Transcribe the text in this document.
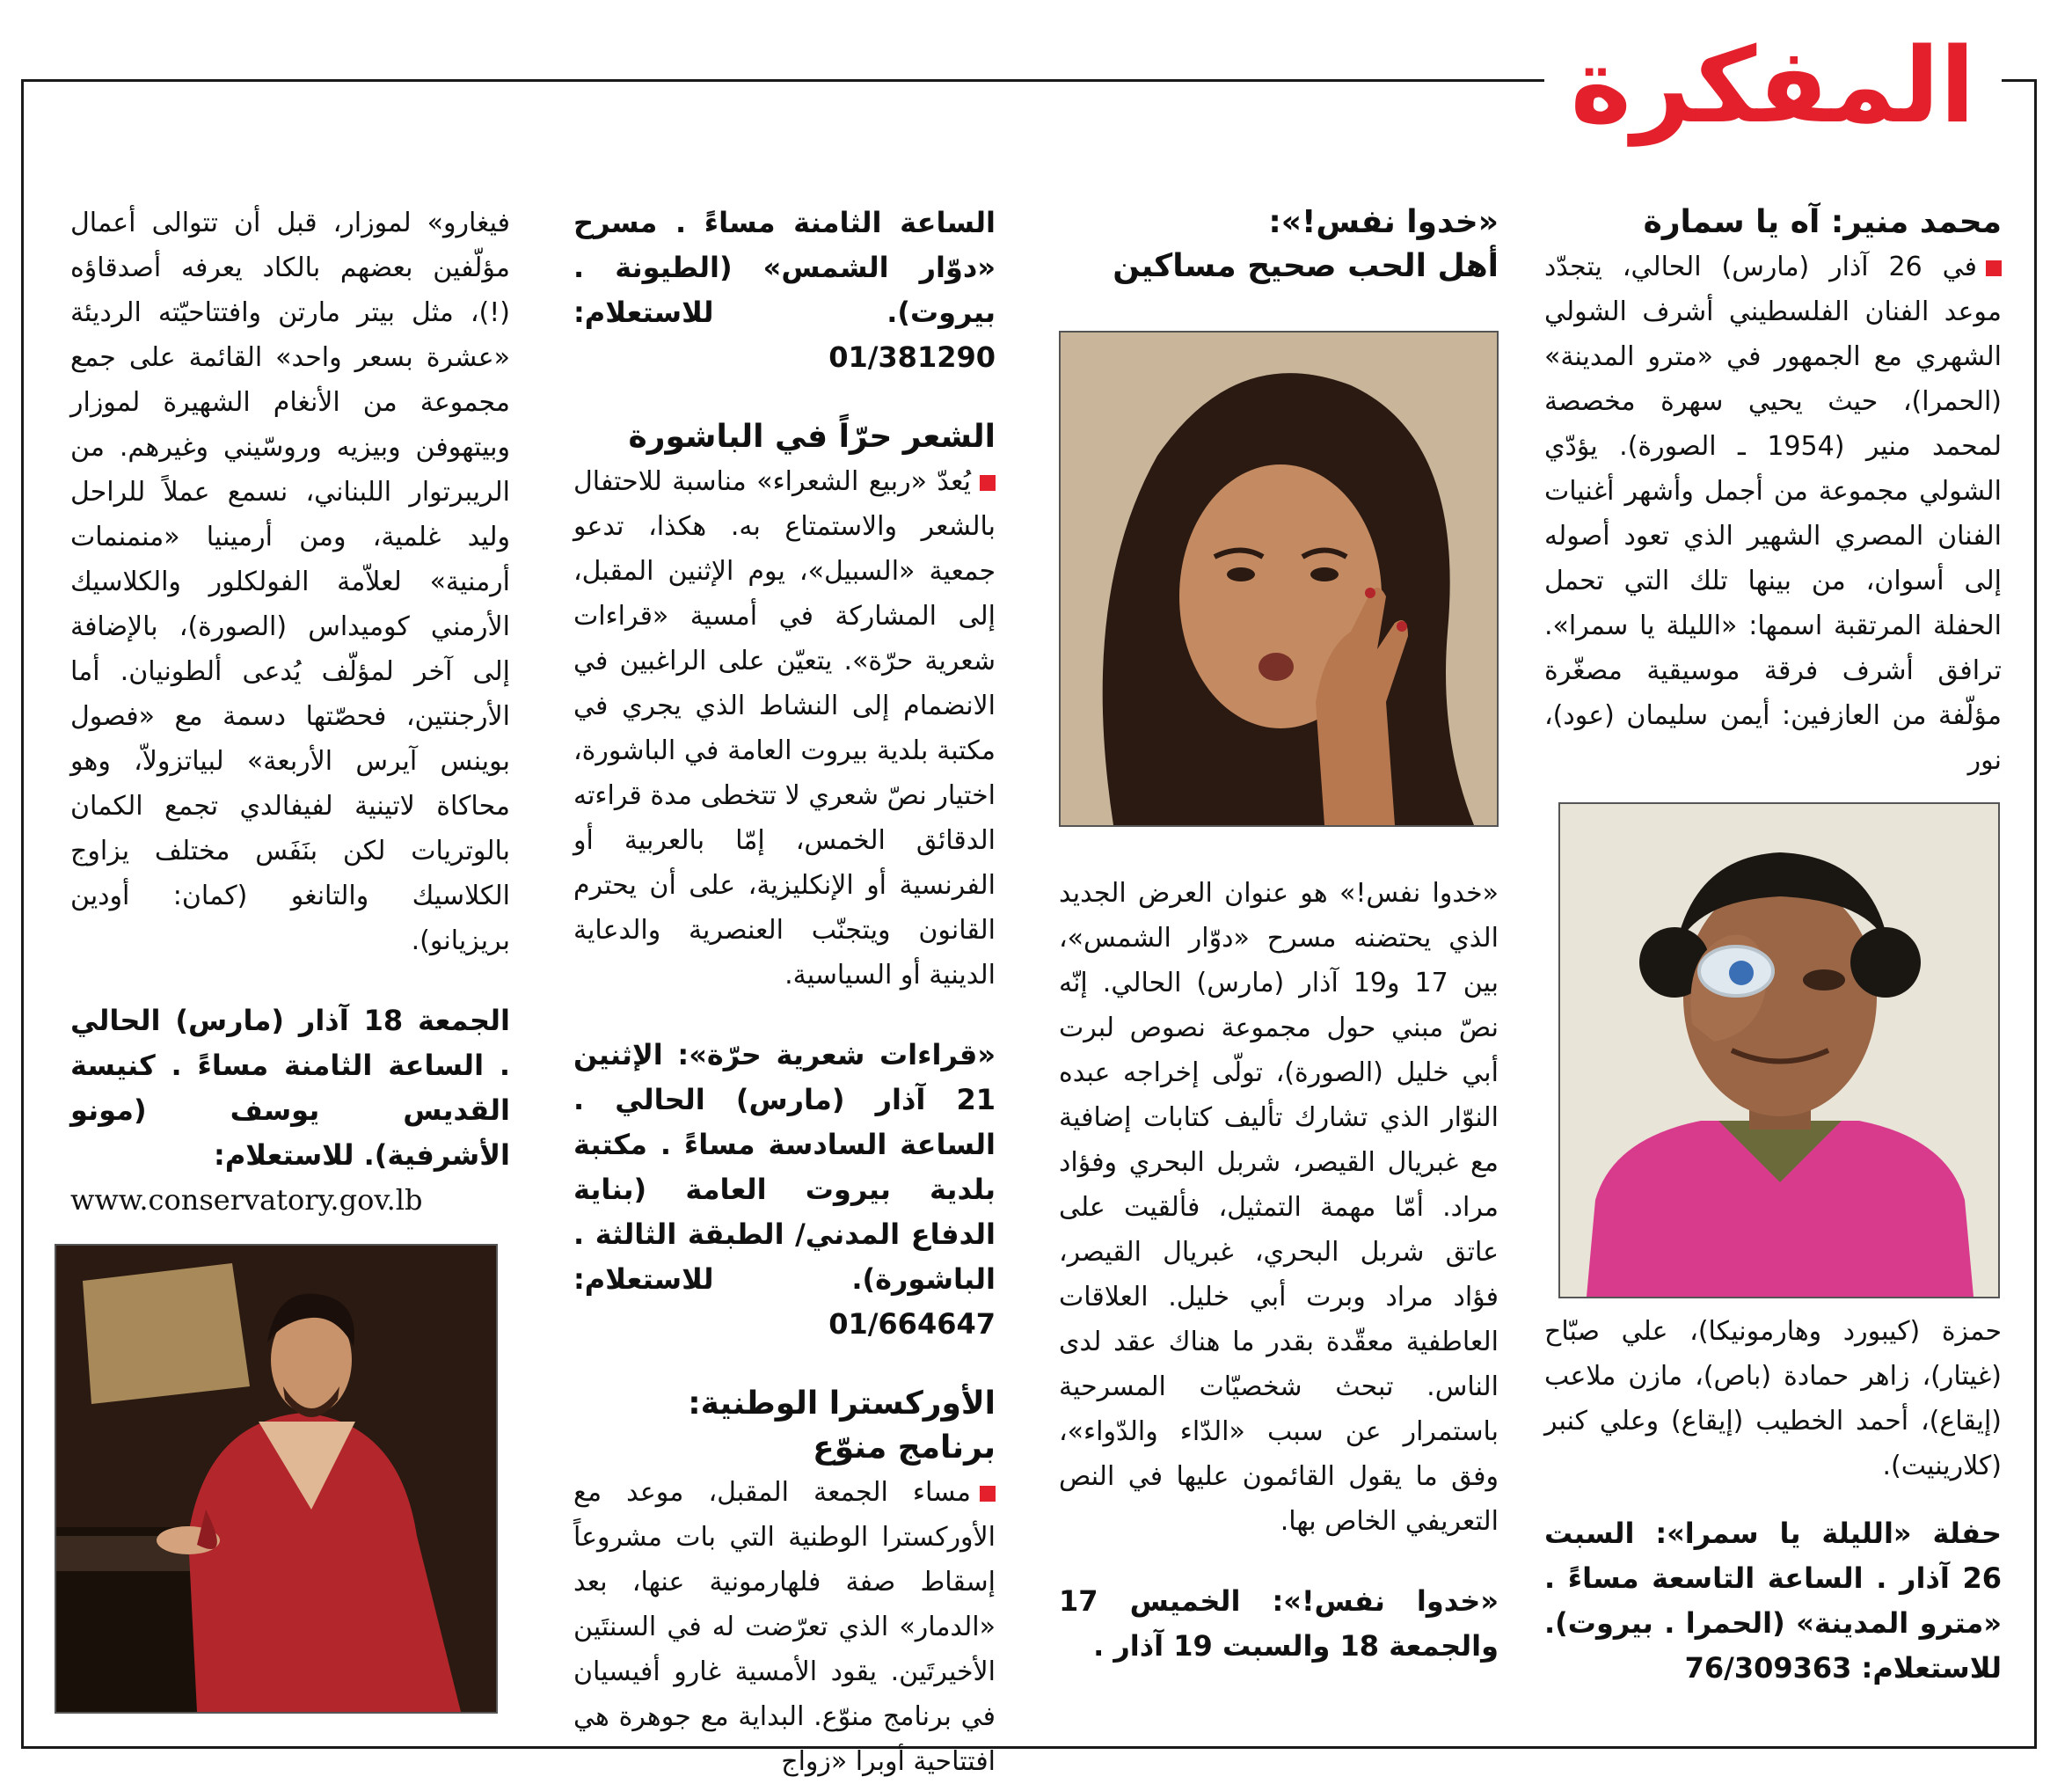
المفكرة

محمد منير: آه يا سمارة

في 26 آذار (مارس) الحالي، يتجدّد موعد الفنان الفلسطيني أشرف الشولي الشهري مع الجمهور في «مترو المدينة» (الحمرا)، حيث يحيي سهرة مخصصة لمحمد منير (1954 ـ الصورة). يؤدّي الشولي مجموعة من أجمل وأشهر أغنيات الفنان المصري الشهير الذي تعود أصوله إلى أسوان، من بينها تلك التي تحمل الحفلة المرتقبة اسمها: «الليلة يا سمرا». ترافق أشرف فرقة موسيقية مصغّرة مؤلّفة من العازفين: أيمن سليمان (عود)، نور

حمزة (كيبورد وهارمونيكا)، علي صبّاح (غيتار)، زاهر حمادة (باص)، مازن ملاعب (إيقاع)، أحمد الخطيب (إيقاع) وعلي كنبر (كلارينيت).

حفلة «الليلة يا سمرا»: السبت 26 آذار . الساعة التاسعة مساءً . «مترو المدينة» (الحمرا . بيروت). للاستعلام: 76/309363

«خدوا نفس!»:

أهل الحب صحيح مساكين

«خدوا نفس!» هو عنوان العرض الجديد الذي يحتضنه مسرح «دوّار الشمس»، بين 17 و19 آذار (مارس) الحالي. إنّه نصّ مبني حول مجموعة نصوص لبرت أبي خليل (الصورة)، تولّى إخراجه عبده النوّار الذي تشارك تأليف كتابات إضافية مع غبريال القيصر، شربل البحري وفؤاد مراد. أمّا مهمة التمثيل، فألقيت على عاتق شربل البحري، غبريال القيصر، فؤاد مراد وبرت أبي خليل. العلاقات العاطفية معقّدة بقدر ما هناك عقد لدى الناس. تبحث شخصيّات المسرحية باستمرار عن سبب «الدّاء والدّواء»، وفق ما يقول القائمون عليها في النص التعريفي الخاص بها.

«خدوا نفس!»: الخميس 17 والجمعة 18 والسبت 19 آذار .

الساعة الثامنة مساءً . مسرح «دوّار الشمس» (الطيونة . بيروت). للاستعلام: 01/381290

الشعر حرّاً في الباشورة

يُعدّ «ربيع الشعراء» مناسبة للاحتفال بالشعر والاستمتاع به. هكذا، تدعو جمعية «السبيل»، يوم الإثنين المقبل، إلى المشاركة في أمسية «قراءات شعرية حرّة». يتعيّن على الراغبين في الانضمام إلى النشاط الذي يجري في مكتبة بلدية بيروت العامة في الباشورة، اختيار نصّ شعري لا تتخطى مدة قراءته الدقائق الخمس، إمّا بالعربية أو الفرنسية أو الإنكليزية، على أن يحترم القانون ويتجنّب العنصرية والدعاية الدينية أو السياسية.

«قراءات شعرية حرّة»: الإثنين 21 آذار (مارس) الحالي . الساعة السادسة مساءً . مكتبة بلدية بيروت العامة (بناية الدفاع المدني/ الطبقة الثالثة . الباشورة). للاستعلام: 01/664647

الأوركسترا الوطنية:

برنامج منوّع

مساء الجمعة المقبل، موعد مع الأوركسترا الوطنية التي بات مشروعاً إسقاط صفة فلهارمونية عنها، بعد «الدمار» الذي تعرّضت له في السنتَين الأخيرتَين. يقود الأمسية غارو أفيسيان في برنامج منوّع. البداية مع جوهرة هي افتتاحية أوبرا «زواج

فيغارو» لموزار، قبل أن تتوالى أعمال مؤلّفين بعضهم بالكاد يعرفه أصدقاؤه (!)، مثل بيتر مارتن وافتتاحيّته الرديئة «عشرة بسعر واحد» القائمة على جمع مجموعة من الأنغام الشهيرة لموزار وبيتهوفن وبيزيه وروسّيني وغيرهم. من الريبرتوار اللبناني، نسمع عملاً للراحل وليد غلمية، ومن أرمينيا «منمنمات أرمنية» لعلاّمة الفولكلور والكلاسيك الأرمني كوميداس (الصورة)، بالإضافة إلى آخر لمؤلّف يُدعى ألطونيان. أما الأرجنتين، فحصّتها دسمة مع «فصول بوينس آيرس الأربعة» لبياتزولاّ، وهو محاكاة لاتينية لفيفالدي تجمع الكمان بالوتريات لكن بنَفَس مختلف يزاوج الكلاسيك والتانغو (كمان: أودين بريزيانو).

الجمعة 18 آذار (مارس) الحالي . الساعة الثامنة مساءً . كنيسة القديس يوسف (مونو الأشرفية). للاستعلام:

www.conservatory.gov.lb
